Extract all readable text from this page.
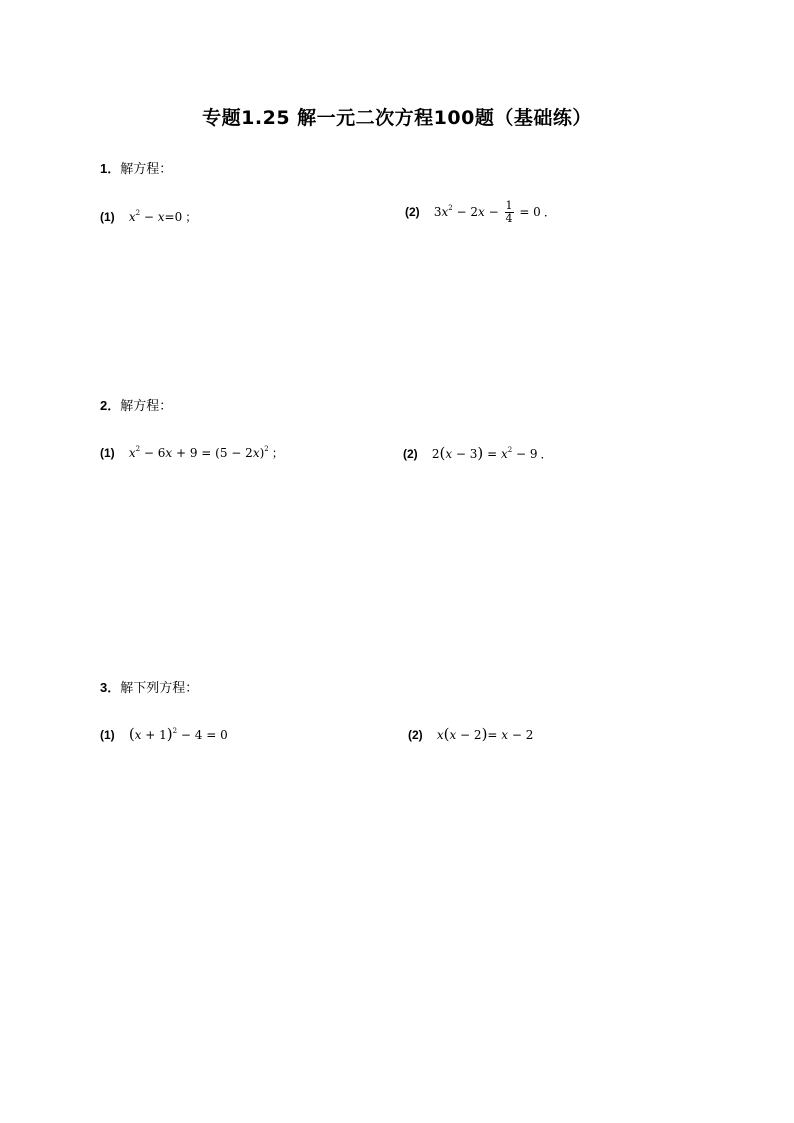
专题1.25 解一元二次方程100题（基础练）
1．解方程：
(1) $x^2 - x=0$ ；	(2) $3x^2 - 2x - \frac{1}{4} = 0$ ．
2．解方程：
(1) $x^2 - 6x + 9 = (5 - 2x)^2$ ；	(2) $2(x - 3) = x^2 - 9$ ．
3．解下列方程：
(1) $(x + 1)^2 - 4 = 0$	(2) x(x − 2)= x − 2
